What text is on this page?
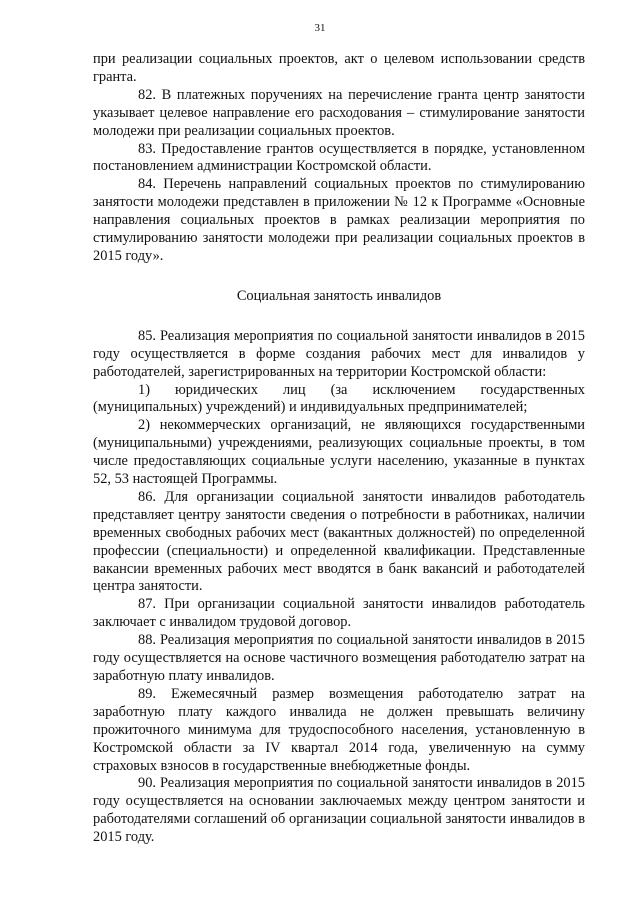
31

при реализации социальных проектов, акт о целевом использовании средств гранта.

82. В платежных поручениях на перечисление гранта центр занятости указывает целевое направление его расходования – стимулирование занятости молодежи при реализации социальных проектов.

83. Предоставление грантов осуществляется в порядке, установленном постановлением администрации Костромской области.

84. Перечень направлений социальных проектов по стимулированию занятости молодежи представлен в приложении № 12 к Программе «Основные направления социальных проектов в рамках реализации мероприятия по стимулированию занятости молодежи при реализации социальных проектов в 2015 году».

Социальная занятость инвалидов

85. Реализация мероприятия по социальной занятости инвалидов в 2015 году осуществляется в форме создания рабочих мест для инвалидов у работодателей, зарегистрированных на территории Костромской области:

1) юридических лиц (за исключением государственных (муниципальных) учреждений) и индивидуальных предпринимателей;

2) некоммерческих организаций, не являющихся государственными (муниципальными) учреждениями, реализующих социальные проекты, в том числе предоставляющих социальные услуги населению, указанные в пунктах 52, 53 настоящей Программы.

86. Для организации социальной занятости инвалидов работодатель представляет центру занятости сведения о потребности в работниках, наличии временных свободных рабочих мест (вакантных должностей) по определенной профессии (специальности) и определенной квалификации. Представленные вакансии временных рабочих мест вводятся в банк вакансий и работодателей центра занятости.

87. При организации социальной занятости инвалидов работодатель заключает с инвалидом трудовой договор.

88. Реализация мероприятия по социальной занятости инвалидов в 2015 году осуществляется на основе частичного возмещения работодателю затрат на заработную плату инвалидов.

89. Ежемесячный размер возмещения работодателю затрат на заработную плату каждого инвалида не должен превышать величину прожиточного минимума для трудоспособного населения, установленную в Костромской области за IV квартал 2014 года, увеличенную на сумму страховых взносов в государственные внебюджетные фонды.

90. Реализация мероприятия по социальной занятости инвалидов в 2015 году осуществляется на основании заключаемых между центром занятости и работодателями соглашений об организации социальной занятости инвалидов в 2015 году.
